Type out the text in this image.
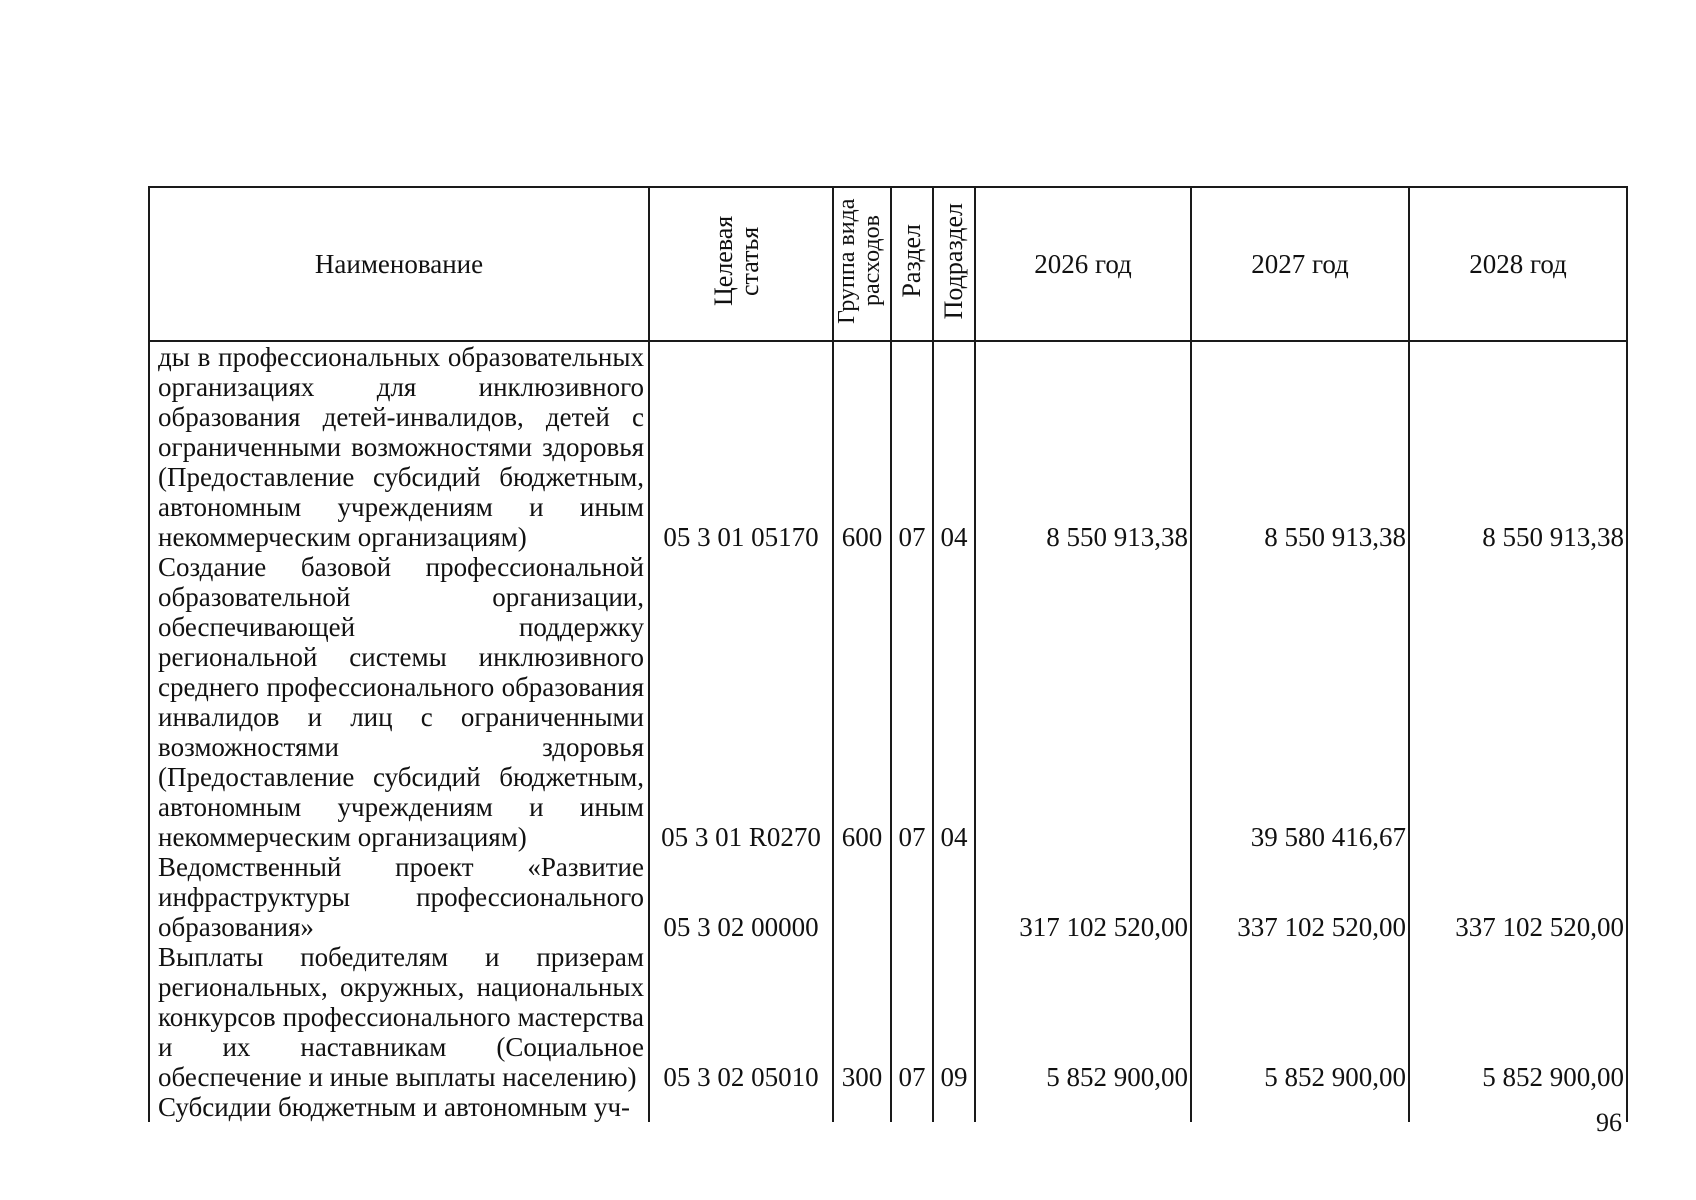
Наименование	Целевая статья	Группа вида расходов	Раздел	Подраздел	2026 год	2027 год	2028 год
ды в профессиональных образовательных организациях для инклюзивного образования детей-инвалидов, детей с ограниченными возможностями здоровья (Предоставление субсидий бюджетным, автономным учреждениям и иным некоммерческим организациям)	05 3 01 05170	600	07	04	8 550 913,38	8 550 913,38	8 550 913,38
Создание базовой профессиональной образовательной организации, обеспечивающей поддержку региональной системы инклюзивного среднего профессионального образования инвалидов и лиц с ограниченными возможностями здоровья (Предоставление субсидий бюджетным, автономным учреждениям и иным некоммерческим организациям)	05 3 01 R0270	600	07	04		39 580 416,67	
Ведомственный проект «Развитие инфраструктуры профессионального образования»	05 3 02 00000				317 102 520,00	337 102 520,00	337 102 520,00
Выплаты победителям и призерам региональных, окружных, национальных конкурсов профессионального мастерства и их наставникам (Социальное обеспечение и иные выплаты населению)	05 3 02 05010	300	07	09	5 852 900,00	5 852 900,00	5 852 900,00
Субсидии бюджетным и автономным уч-							
96
